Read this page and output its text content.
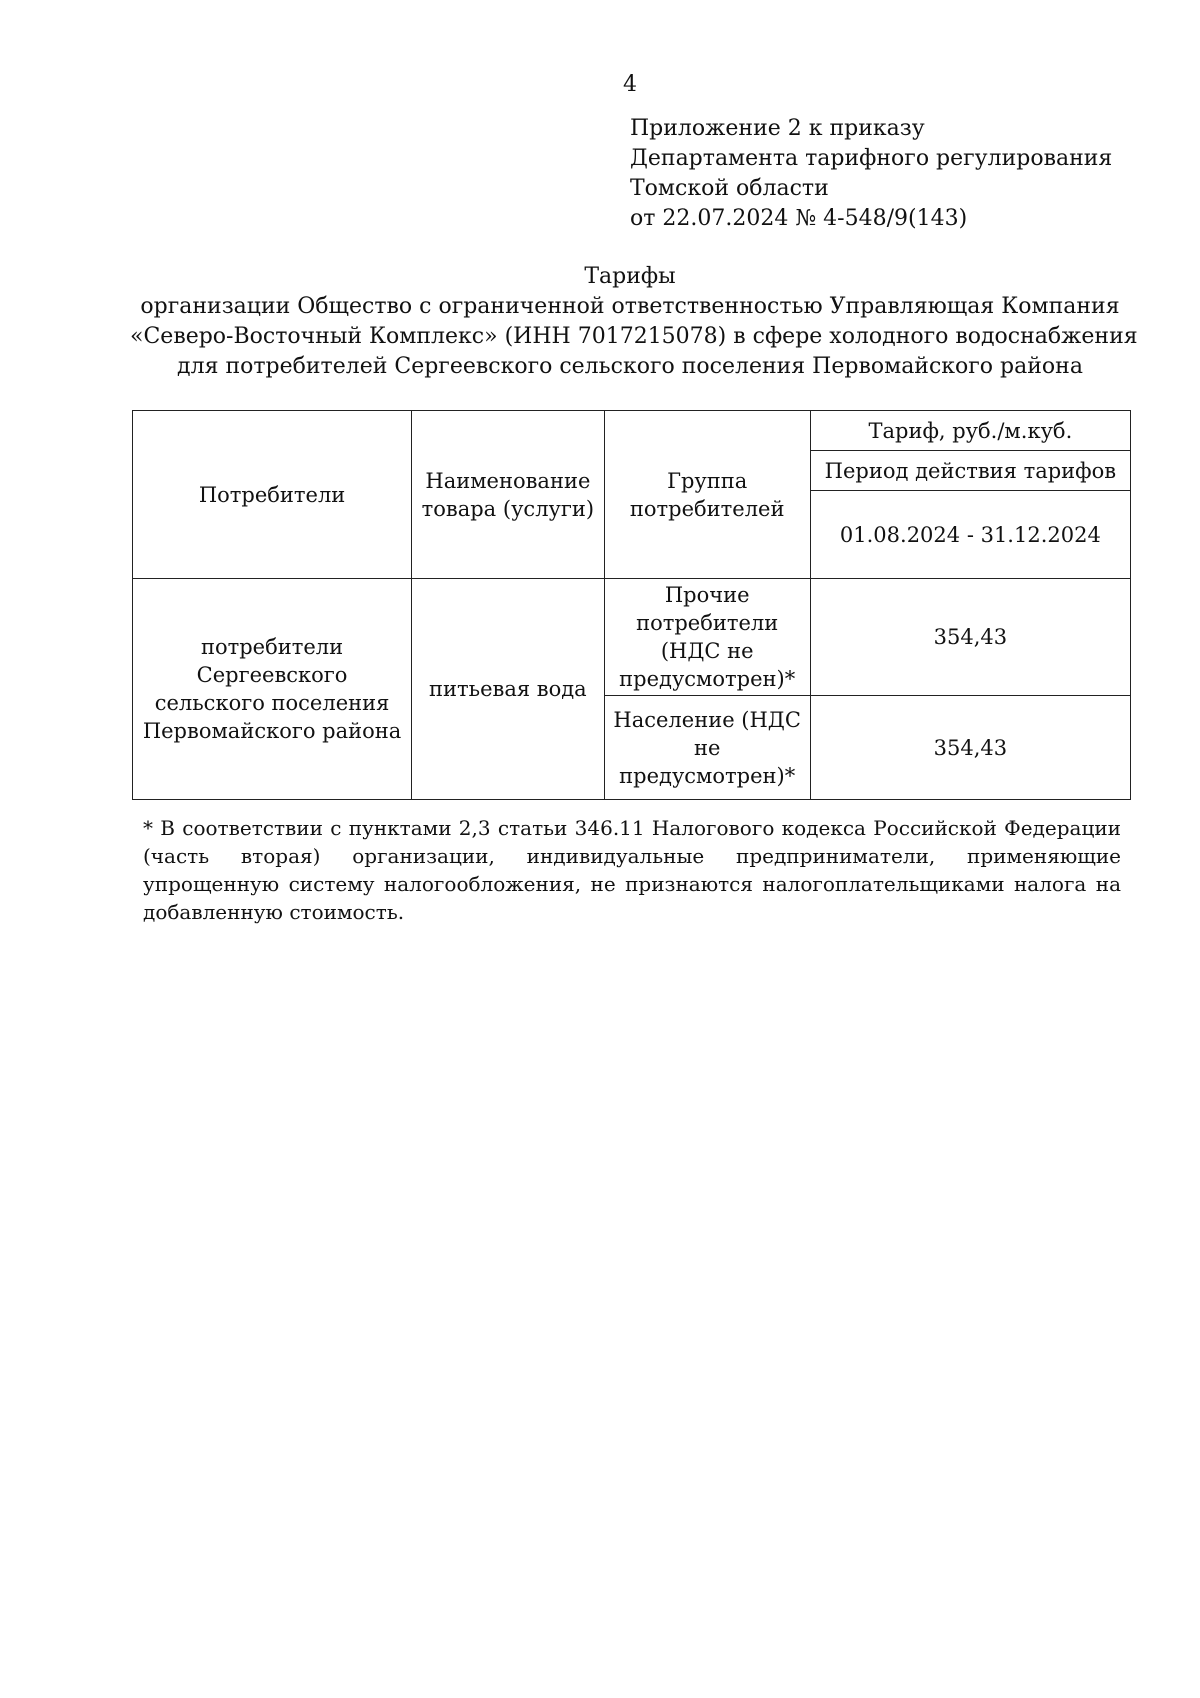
4
Приложение 2 к приказу
Департамента тарифного регулирования
Томской области
от 22.07.2024 № 4-548/9(143)
Тарифы
организации Общество с ограниченной ответственностью Управляющая Компания
«Северо-Восточный Комплекс» (ИНН 7017215078) в сфере холодного водоснабжения
для потребителей Сергеевского сельского поселения Первомайского района
Потребители	Наименование товара (услуги)	Группа потребителей	Тариф, руб./м.куб.
			Период действия тарифов
			01.08.2024 - 31.12.2024
потребители Сергеевского сельского поселения Первомайского района	питьевая вода	Прочие потребители (НДС не предусмотрен)*	354,43
		Население (НДС не предусмотрен)*	354,43
* В соответствии с пунктами 2,3 статьи 346.11 Налогового кодекса Российской Федерации (часть вторая) организации, индивидуальные предприниматели, применяющие упрощенную систему налогообложения, не признаются налогоплательщиками налога на добавленную стоимость.
